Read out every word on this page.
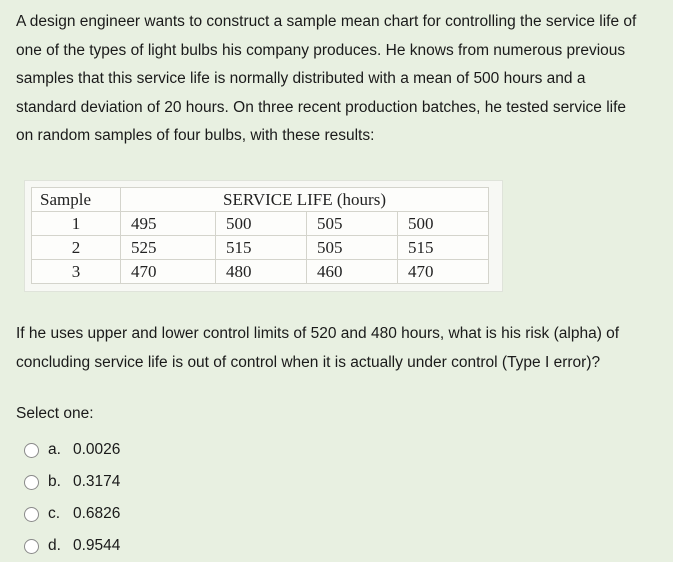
A design engineer wants to construct a sample mean chart for controlling the service life of
one of the types of light bulbs his company produces. He knows from numerous previous
samples that this service life is normally distributed with a mean of 500 hours and a
standard deviation of 20 hours. On three recent production batches, he tested service life
on random samples of four bulbs, with these results:
Sample	SERVICE LIFE (hours)			
1	495	500	505	500
2	525	515	505	515
3	470	480	460	470
If he uses upper and lower control limits of 520 and 480 hours, what is his risk (alpha) of
concluding service life is out of control when it is actually under control (Type I error)?
Select one:
a. 0.0026
b. 0.3174
c. 0.6826
d. 0.9544
